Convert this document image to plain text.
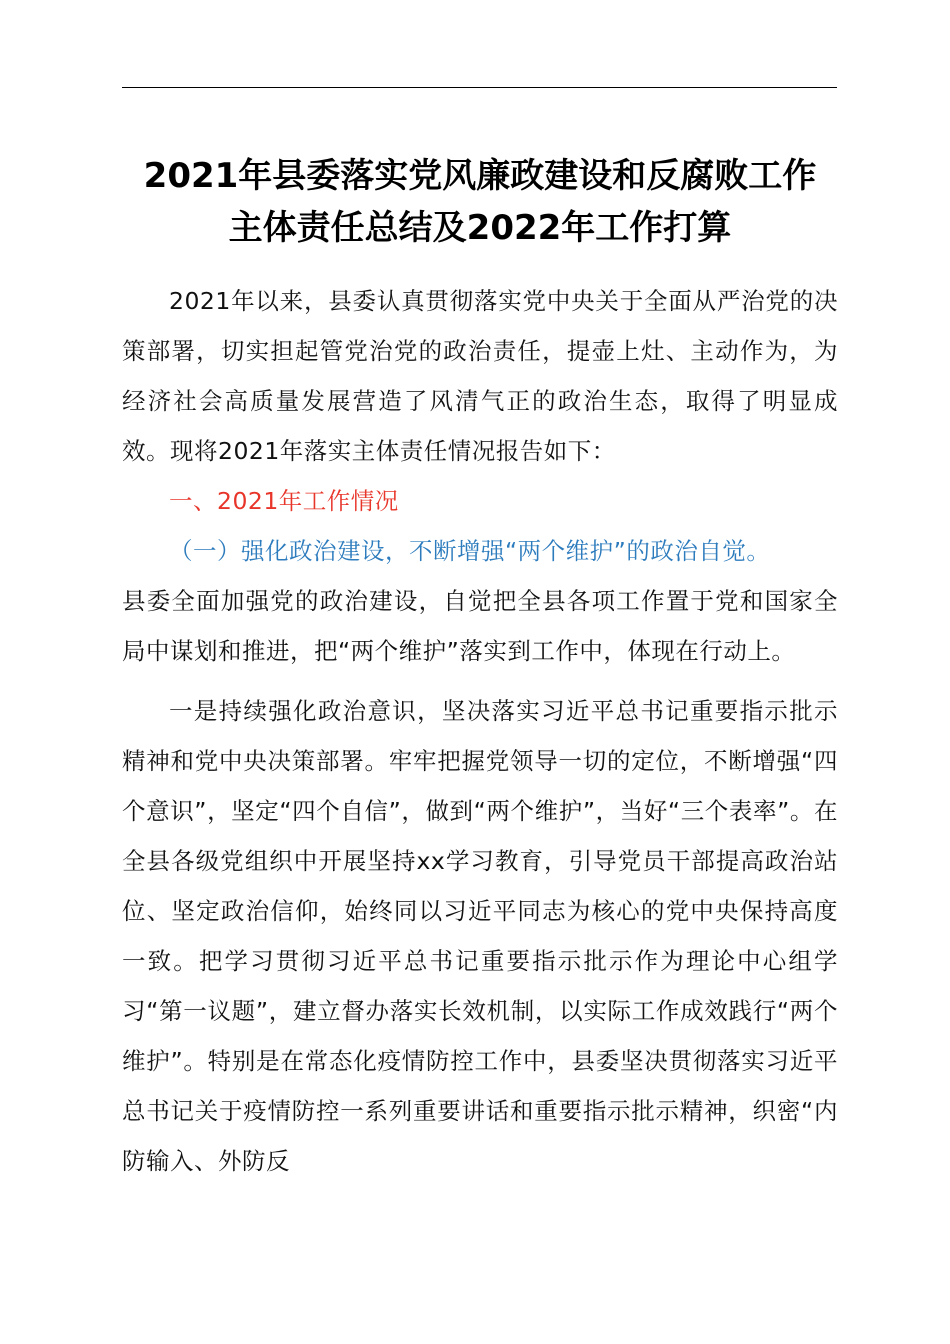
2021年县委落实党风廉政建设和反腐败工作
主体责任总结及2022年工作打算

2021年以来，县委认真贯彻落实党中央关于全面从严治党的决策部署，切实担起管党治党的政治责任，提壶上灶、主动作为，为经济社会高质量发展营造了风清气正的政治生态，取得了明显成效。现将2021年落实主体责任情况报告如下：

一、2021年工作情况

（一）强化政治建设，不断增强“两个维护”的政治自觉。

县委全面加强党的政治建设，自觉把全县各项工作置于党和国家全局中谋划和推进，把“两个维护”落实到工作中，体现在行动上。

一是持续强化政治意识，坚决落实习近平总书记重要指示批示精神和党中央决策部署。牢牢把握党领导一切的定位，不断增强“四个意识”，坚定“四个自信”，做到“两个维护”，当好“三个表率”。在全县各级党组织中开展坚持xx学习教育，引导党员干部提高政治站位、坚定政治信仰，始终同以习近平同志为核心的党中央保持高度一致。把学习贯彻习近平总书记重要指示批示作为理论中心组学习“第一议题”，建立督办落实长效机制，以实际工作成效践行“两个维护”。特别是在常态化疫情防控工作中，县委坚决贯彻落实习近平总书记关于疫情防控一系列重要讲话和重要指示批示精神，织密“内防输入、外防反
